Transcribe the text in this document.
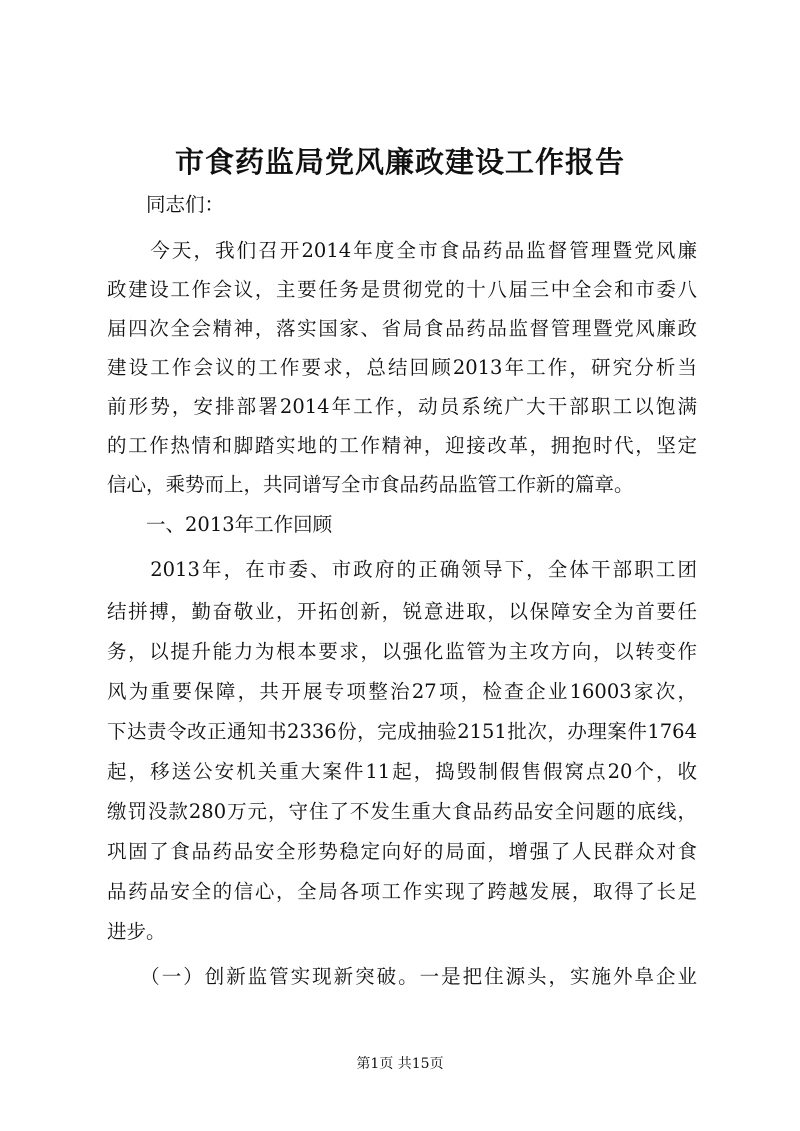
市食药监局党风廉政建设工作报告
　　同志们：
　　今天，我们召开2014年度全市食品药品监督管理暨党风廉
政建设工作会议，主要任务是贯彻党的十八届三中全会和市委八
届四次全会精神，落实国家、省局食品药品监督管理暨党风廉政
建设工作会议的工作要求，总结回顾2013年工作，研究分析当
前形势，安排部署2014年工作，动员系统广大干部职工以饱满
的工作热情和脚踏实地的工作精神，迎接改革，拥抱时代，坚定
信心，乘势而上，共同谱写全市食品药品监管工作新的篇章。
　　一、2013年工作回顾
　　2013年，在市委、市政府的正确领导下，全体干部职工团
结拼搏，勤奋敬业，开拓创新，锐意进取，以保障安全为首要任
务，以提升能力为根本要求，以强化监管为主攻方向，以转变作
风为重要保障，共开展专项整治27项，检查企业16003家次，
下达责令改正通知书2336份，完成抽验2151批次，办理案件1764
起，移送公安机关重大案件11起，捣毁制假售假窝点20个，收
缴罚没款280万元，守住了不发生重大食品药品安全问题的底线，
巩固了食品药品安全形势稳定向好的局面，增强了人民群众对食
品药品安全的信心，全局各项工作实现了跨越发展，取得了长足
进步。
　　（一）创新监管实现新突破。一是把住源头，实施外阜企业
第1页 共15页
